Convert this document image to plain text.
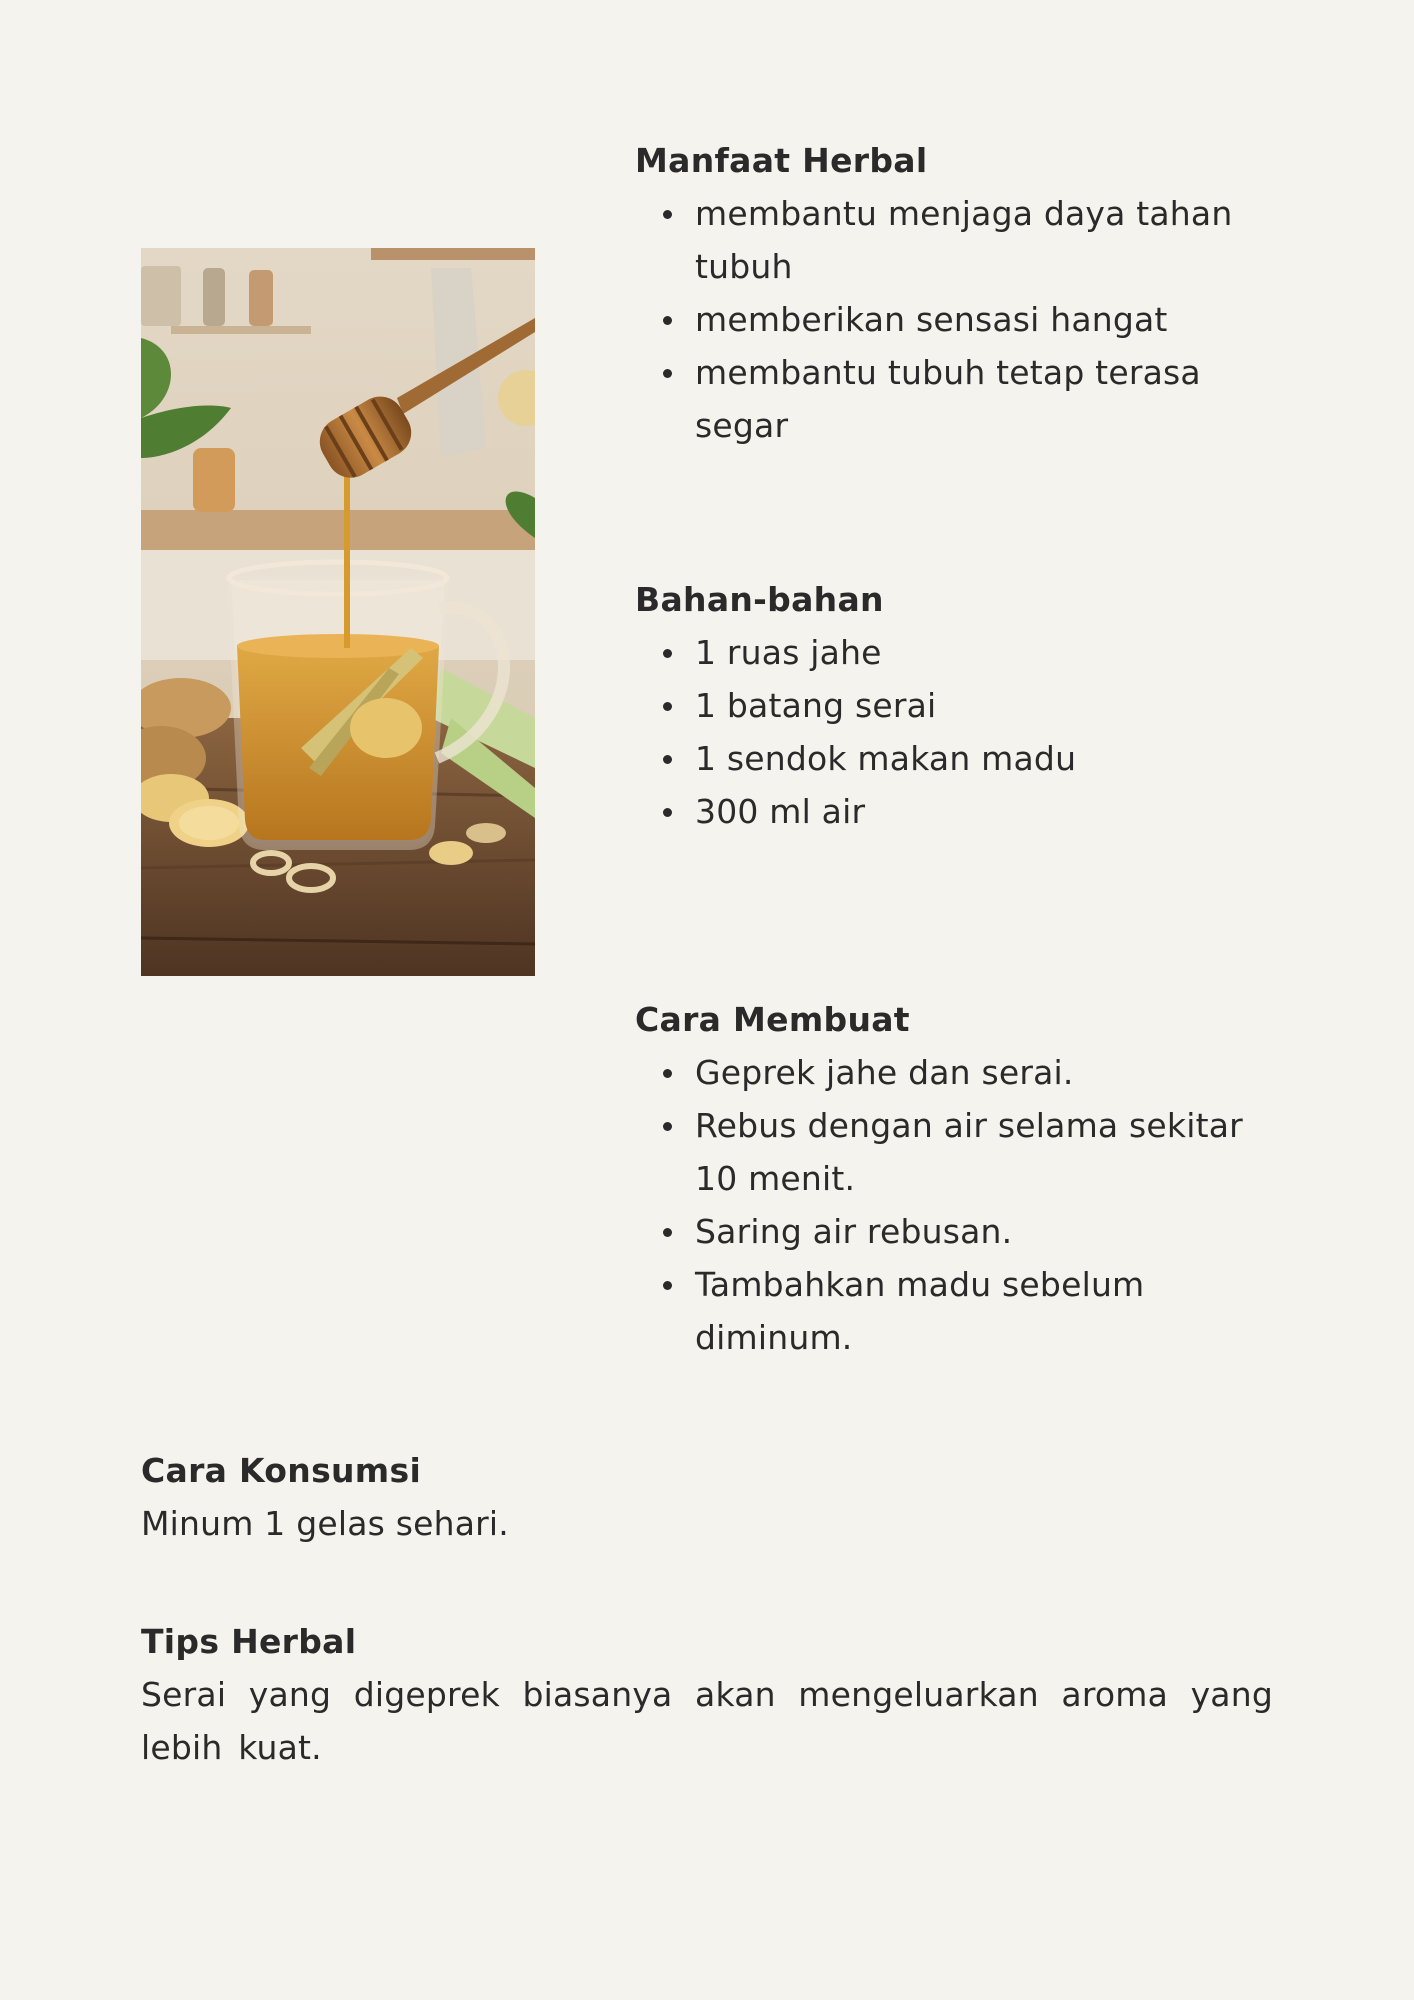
Manfaat Herbal
membantu menjaga daya tahan tubuh
memberikan sensasi hangat
membantu tubuh tetap terasa segar
Bahan-bahan
1 ruas jahe
1 batang serai
1 sendok makan madu
300 ml air
Cara Membuat
Geprek jahe dan serai.
Rebus dengan air selama sekitar 10 menit.
Saring air rebusan.
Tambahkan madu sebelum diminum.
Cara Konsumsi

Minum 1 gelas sehari.

Tips Herbal

Serai yang digeprek biasanya akan mengeluarkan aroma yang lebih kuat.
